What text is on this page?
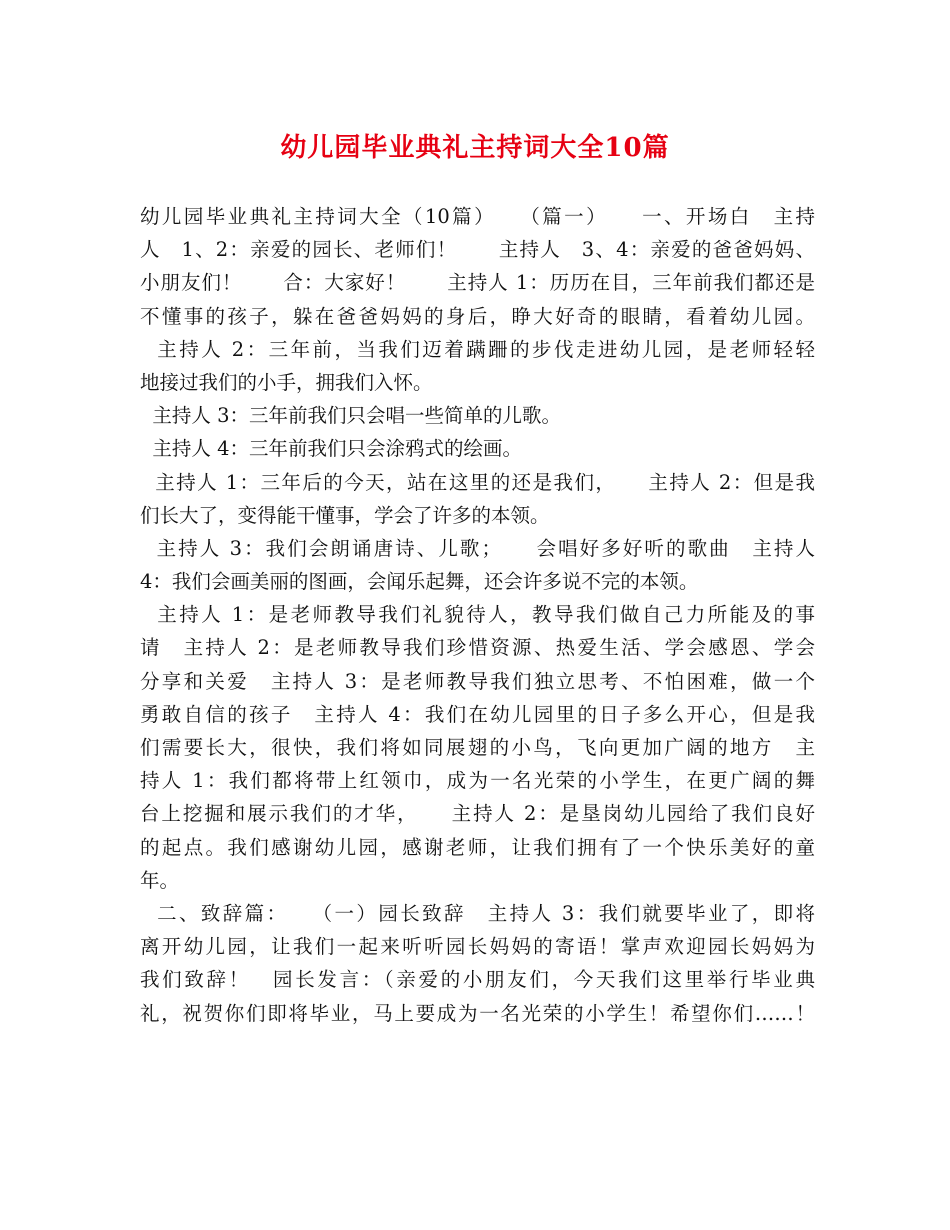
幼儿园毕业典礼主持词大全10篇
幼儿园毕业典礼主持词大全（10篇）　　（篇一）　　一、开场白　主持
人　1、2：亲爱的园长、老师们！　　主持人　3、4：亲爱的爸爸妈妈、
小朋友们！　　合：大家好！　　主持人 1：历历在目，三年前我们都还是
不懂事的孩子，躲在爸爸妈妈的身后，睁大好奇的眼睛，看着幼儿园。
主持人 2：三年前，当我们迈着蹒跚的步伐走进幼儿园，是老师轻轻
地接过我们的小手，拥我们入怀。
主持人 3：三年前我们只会唱一些简单的儿歌。
主持人 4：三年前我们只会涂鸦式的绘画。
主持人 1：三年后的今天，站在这里的还是我们，　　主持人 2：但是我
们长大了，变得能干懂事，学会了许多的本领。
主持人 3：我们会朗诵唐诗、儿歌；　　会唱好多好听的歌曲　主持人
4：我们会画美丽的图画，会闻乐起舞，还会许多说不完的本领。
主持人 1：是老师教导我们礼貌待人，教导我们做自己力所能及的事
请　主持人 2：是老师教导我们珍惜资源、热爱生活、学会感恩、学会
分享和关爱　主持人 3：是老师教导我们独立思考、不怕困难，做一个
勇敢自信的孩子　主持人 4：我们在幼儿园里的日子多么开心，但是我
们需要长大，很快，我们将如同展翅的小鸟，飞向更加广阔的地方　主
持人 1：我们都将带上红领巾，成为一名光荣的小学生，在更广阔的舞
台上挖掘和展示我们的才华，　　主持人 2：是垦岗幼儿园给了我们良好
的起点。我们感谢幼儿园，感谢老师，让我们拥有了一个快乐美好的童
年。
二、致辞篇：　　（一）园长致辞　主持人 3：我们就要毕业了，即将
离开幼儿园，让我们一起来听听园长妈妈的寄语！掌声欢迎园长妈妈为
我们致辞！　园长发言：（亲爱的小朋友们，今天我们这里举行毕业典
礼，祝贺你们即将毕业，马上要成为一名光荣的小学生！希望你们……！
